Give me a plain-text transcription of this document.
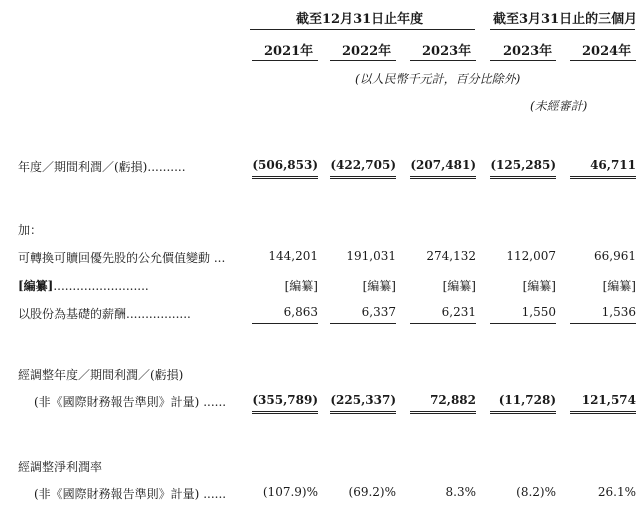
截至12月31日止年度	截至3月31日止的三個月
2021年 2022年 2023年 2023年 2024年
(以人民幣千元計，百分比除外)
(未經審計)
年度／期間利潤／(虧損)..........	(506,853) (422,705) (207,481) (125,285)	46,711
加：
可轉換可贖回優先股的公允價值變動 ...	144,201	191,031	274,132	112,007	66,961
[編纂].........................	[編纂]	[編纂]	[編纂]	[編纂]	[編纂]
以股份為基礎的薪酬.................	6,863	6,337	6,231	1,550	1,536
經調整年度／期間利潤／(虧損)
(非《國際財務報告準則》計量) ...... (355,789) (225,337)	72,882	(11,728)	121,574
經調整淨利潤率
(非《國際財務報告準則》計量) ......	(107.9)%	(69.2)%	8.3%	(8.2)%	26.1%
